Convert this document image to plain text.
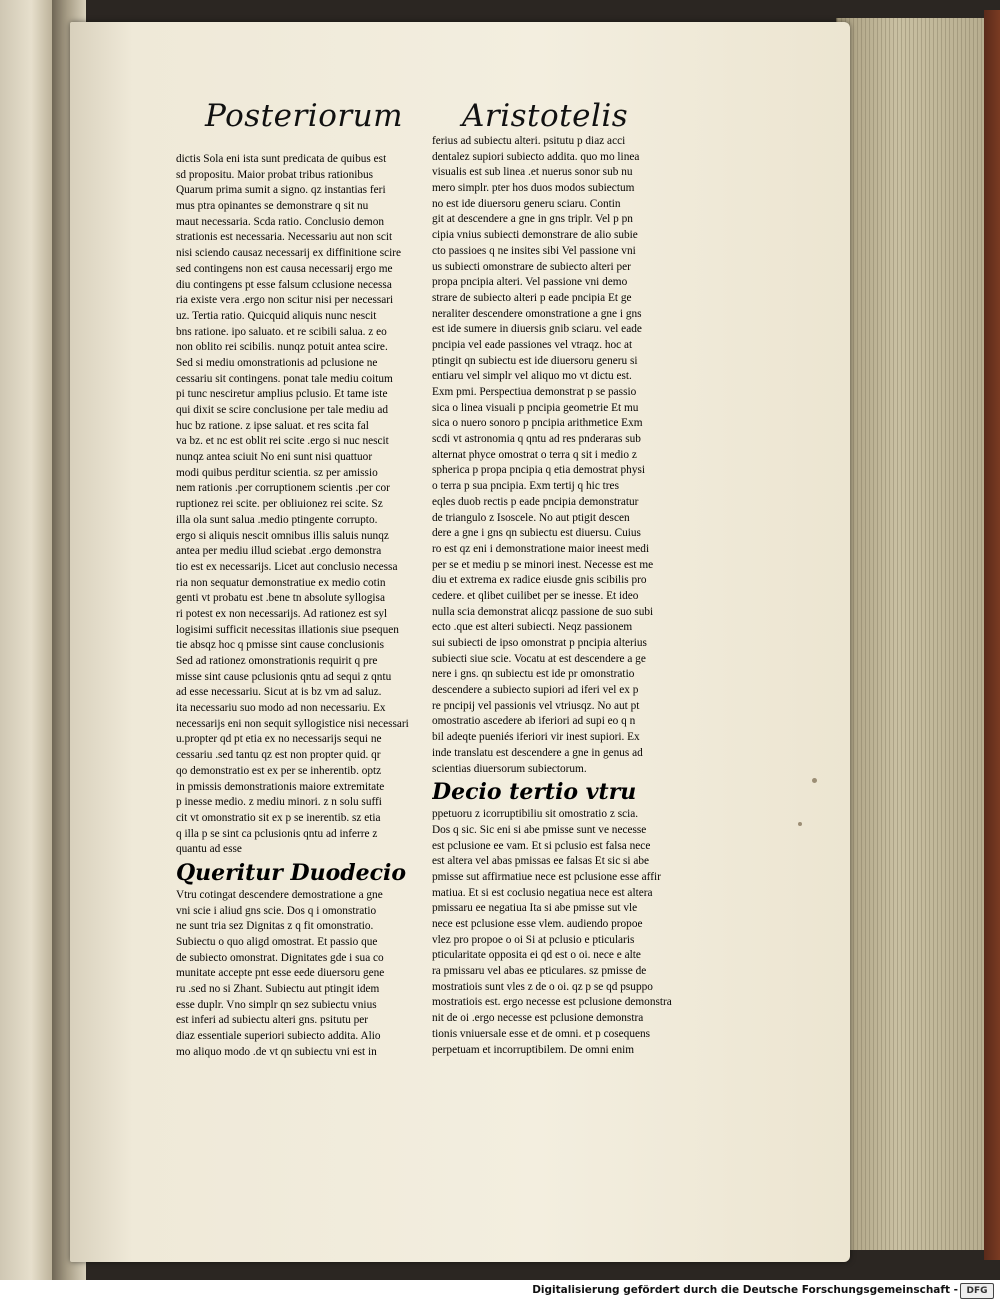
Posteriorum Aristotelis
dictis Sola eni ista sunt predicata de quibus est
sd propositu. Maior probat tribus rationibus
Quarum prima sumit a signo. qz instantias feri
mus ptra opinantes se demonstrare q sit nu
maut necessaria. Scda ratio. Conclusio demon
strationis est necessaria. Necessariu aut non scit
nisi sciendo causaz necessarij ex diffinitione scire
sed contingens non est causa necessarij ergo me
diu contingens pt esse falsum cclusione necessa
ria existe vera .ergo non scitur nisi per necessari
uz. Tertia ratio. Quicquid aliquis nunc nescit
bns ratione. ipo saluato. et re scibili salua. z eo
non oblito rei scibilis. nunqz potuit antea scire.
Sed si mediu omonstrationis ad pclusione ne
cessariu sit contingens. ponat tale mediu coitum
pi tunc nesciretur amplius pclusio. Et tame iste
qui dixit se scire conclusione per tale mediu ad
huc bz ratione. z ipse saluat. et res scita fal
va bz. et nc est oblit rei scite .ergo si nuc nescit
nunqz antea sciuit No eni sunt nisi quattuor
modi quibus perditur scientia. sz per amissio
nem rationis .per corruptionem scientis .per cor
ruptionez rei scite. per obliuionez rei scite. Sz
illa ola sunt salua .medio ptingente corrupto.
ergo si aliquis nescit omnibus illis saluis nunqz
antea per mediu illud sciebat .ergo demonstra
tio est ex necessarijs. Licet aut conclusio necessa
ria non sequatur demonstratiue ex medio cotin
genti vt probatu est .bene tn absolute syllogisa
ri potest ex non necessarijs. Ad rationez est syl
logisimi sufficit necessitas illationis siue psequen
tie absqz hoc q pmisse sint cause conclusionis
Sed ad rationez omonstrationis requirit q pre
misse sint cause pclusionis qntu ad sequi z qntu
ad esse necessariu. Sicut at is bz vm ad saluz.
ita necessariu suo modo ad non necessariu. Ex
necessarijs eni non sequit syllogistice nisi necessari
u.propter qd pt etia ex no necessarijs sequi ne
cessariu .sed tantu qz est non propter quid. qr
qo demonstratio est ex per se inherentib. optz
in pmissis demonstrationis maiore extremitate
p inesse medio. z mediu minori. z n solu suffi
cit vt omonstratio sit ex p se inerentib. sz etia
q illa p se sint ca pclusionis qntu ad inferre z
quantu ad esse
Queritur Duodecio
Vtru cotingat descendere demostratione a gne
vni scie i aliud gns scie. Dos q i omonstratio
ne sunt tria sez Dignitas z q fit omonstratio.
Subiectu o quo aligd omostrat. Et passio que
de subiecto omonstrat. Dignitates gde i sua co
munitate accepte pnt esse eede diuersoru gene
ru .sed no si Zhant. Subiectu aut ptingit idem
esse duplr. Vno simplr qn sez subiectu vnius
est inferi ad subiectu alteri gns. psitutu per
diaz essentiale superiori subiecto addita. Alio
mo aliquo modo .de vt qn subiectu vni est in
ferius ad subiectu alteri. psitutu p diaz acci
dentalez supiori subiecto addita. quo mo linea
visualis est sub linea .et nuerus sonor sub nu
mero simplr. pter hos duos modos subiectum
no est ide diuersoru generu sciaru. Contin
git at descendere a gne in gns triplr. Vel p pn
cipia vnius subiecti demonstrare de alio subie
cto passioes q ne insites sibi Vel passione vni
us subiecti omonstrare de subiecto alteri per
propa pncipia alteri. Vel passione vni demo
strare de subiecto alteri p eade pncipia Et ge
neraliter descendere omonstratione a gne i gns
est ide sumere in diuersis gnib sciaru. vel eade
pncipia vel eade passiones vel vtraqz. hoc at
ptingit qn subiectu est ide diuersoru generu si
entiaru vel simplr vel aliquo mo vt dictu est.
Exm pmi. Perspectiua demonstrat p se passio
sica o linea visuali p pncipia geometrie Et mu
sica o nuero sonoro p pncipia arithmetice Exm
scdi vt astronomia q qntu ad res pnderaras sub
alternat phyce omostrat o terra q sit i medio z
spherica p propa pncipia q etia demostrat physi
o terra p sua pncipia. Exm tertij q hic tres
eqles duob rectis p eade pncipia demonstratur
de triangulo z Isoscele. No aut ptigit descen
dere a gne i gns qn subiectu est diuersu. Cuius
ro est qz eni i demonstratione maior ineest medi
per se et mediu p se minori inest. Necesse est me
diu et extrema ex radice eiusde gnis scibilis pro
cedere. et qlibet cuilibet per se inesse. Et ideo
nulla scia demonstrat alicqz passione de suo subi
ecto .que est alteri subiecti. Neqz passionem
sui subiecti de ipso omonstrat p pncipia alterius
subiecti siue scie. Vocatu at est descendere a ge
nere i gns. qn subiectu est ide pr omonstratio
descendere a subiecto supiori ad iferi vel ex p
re pncipij vel passionis vel vtriusqz. No aut pt
omostratio ascedere ab iferiori ad supi eo q n
bil adeqte pueniés iferiori vir inest supiori. Ex
inde translatu est descendere a gne in genus ad
scientias diuersorum subiectorum.
Decio tertio vtru
ppetuoru z icorruptibiliu sit omostratio z scia.
Dos q sic. Sic eni si abe pmisse sunt ve necesse
est pclusione ee vam. Et si pclusio est falsa nece
est altera vel abas pmissas ee falsas Et sic si abe
pmisse sut affirmatiue nece est pclusione esse affir
matiua. Et si est coclusio negatiua nece est altera
pmissaru ee negatiua Ita si abe pmisse sut vle
nece est pclusione esse vlem. audiendo propoe
vlez pro propoe o oi Si at pclusio e pticularis
pticularitate opposita ei qd est o oi. nece e alte
ra pmissaru vel abas ee pticulares. sz pmisse de
mostratiois sunt vles z de o oi. qz p se qd psuppo
mostratiois est. ergo necesse est pclusione demonstra
nit de oi .ergo necesse est pclusione demonstra
tionis vniuersale esse et de omni. et p cosequens
perpetuam et incorruptibilem. De omni enim
Digitalisierung gefördert durch die Deutsche Forschungsgemeinschaft - DFG
